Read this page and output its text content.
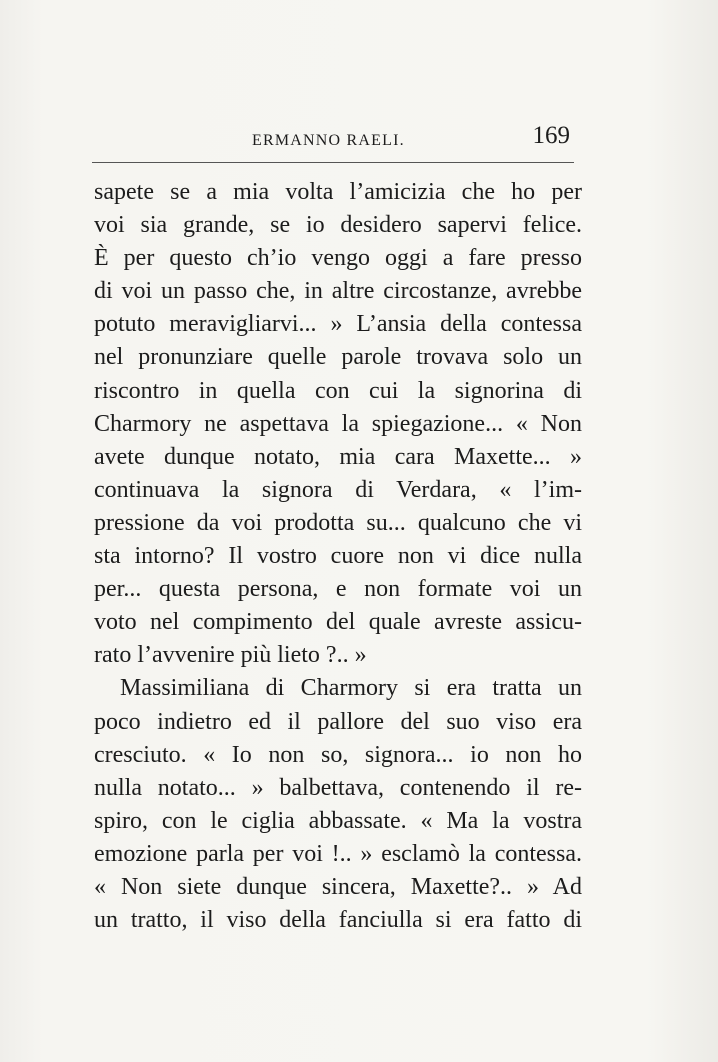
ERMANNO RAELI.	169
sapete se a mia volta l’amicizia che ho per
voi sia grande, se io desidero sapervi felice.
È per questo ch’io vengo oggi a fare presso
di voi un passo che, in altre circostanze, avrebbe
potuto meravigliarvi... » L’ansia della contessa
nel pronunziare quelle parole trovava solo un
riscontro in quella con cui la signorina di
Charmory ne aspettava la spiegazione... « Non
avete dunque notato, mia cara Maxette... »
continuava la signora di Verdara, « l’im-
pressione da voi prodotta su... qualcuno che vi
sta intorno? Il vostro cuore non vi dice nulla
per... questa persona, e non formate voi un
voto nel compimento del quale avreste assicu-
rato l’avvenire più lieto ?.. »
Massimiliana di Charmory si era tratta un
poco indietro ed il pallore del suo viso era
cresciuto. « Io non so, signora... io non ho
nulla notato... » balbettava, contenendo il re-
spiro, con le ciglia abbassate. « Ma la vostra
emozione parla per voi !.. » esclamò la contessa.
« Non siete dunque sincera, Maxette?.. » Ad
un tratto, il viso della fanciulla si era fatto di
